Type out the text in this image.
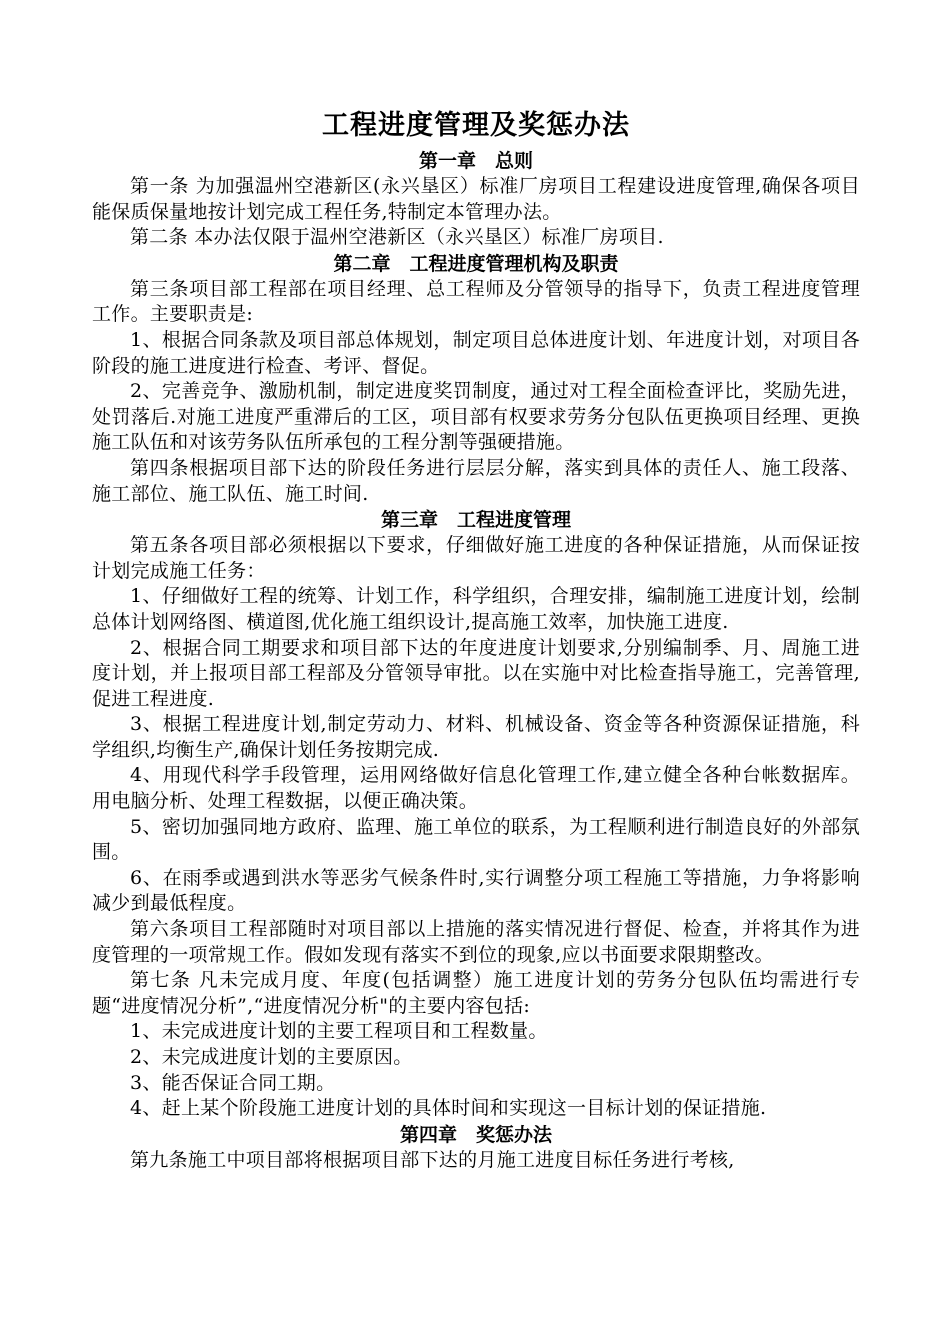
工程进度管理及奖惩办法
第一章　总则

第一条 为加强温州空港新区(永兴垦区）标准厂房项目工程建设进度管理,确保各项目能保质保量地按计划完成工程任务,特制定本管理办法。

第二条 本办法仅限于温州空港新区（永兴垦区）标准厂房项目.

第二章　工程进度管理机构及职责

第三条项目部工程部在项目经理、总工程师及分管领导的指导下，负责工程进度管理工作。主要职责是:

1、根据合同条款及项目部总体规划，制定项目总体进度计划、年进度计划，对项目各阶段的施工进度进行检查、考评、督促。

2、完善竞争、激励机制，制定进度奖罚制度，通过对工程全面检查评比，奖励先进，处罚落后.对施工进度严重滞后的工区，项目部有权要求劳务分包队伍更换项目经理、更换施工队伍和对该劳务队伍所承包的工程分割等强硬措施。

第四条根据项目部下达的阶段任务进行层层分解，落实到具体的责任人、施工段落、施工部位、施工队伍、施工时间.

第三章　工程进度管理

第五条各项目部必须根据以下要求，仔细做好施工进度的各种保证措施，从而保证按计划完成施工任务：

1、仔细做好工程的统筹、计划工作，科学组织，合理安排，编制施工进度计划，绘制总体计划网络图、横道图,优化施工组织设计,提高施工效率，加快施工进度.

2、根据合同工期要求和项目部下达的年度进度计划要求,分别编制季、月、周施工进度计划，并上报项目部工程部及分管领导审批。以在实施中对比检查指导施工，完善管理,促进工程进度.

3、根据工程进度计划,制定劳动力、材料、机械设备、资金等各种资源保证措施，科学组织,均衡生产,确保计划任务按期完成.

4、用现代科学手段管理，运用网络做好信息化管理工作,建立健全各种台帐数据库。用电脑分析、处理工程数据，以便正确决策。

5、密切加强同地方政府、监理、施工单位的联系，为工程顺利进行制造良好的外部氛围。

6、在雨季或遇到洪水等恶劣气候条件时,实行调整分项工程施工等措施，力争将影响减少到最低程度。

第六条项目工程部随时对项目部以上措施的落实情况进行督促、检查，并将其作为进度管理的一项常规工作。假如发现有落实不到位的现象,应以书面要求限期整改。

第七条 凡未完成月度、年度(包括调整）施工进度计划的劳务分包队伍均需进行专题“进度情况分析”,“进度情况分析"的主要内容包括:

1、未完成进度计划的主要工程项目和工程数量。

2、未完成进度计划的主要原因。

3、能否保证合同工期。

4、赶上某个阶段施工进度计划的具体时间和实现这一目标计划的保证措施.

第四章　奖惩办法

第九条施工中项目部将根据项目部下达的月施工进度目标任务进行考核,
